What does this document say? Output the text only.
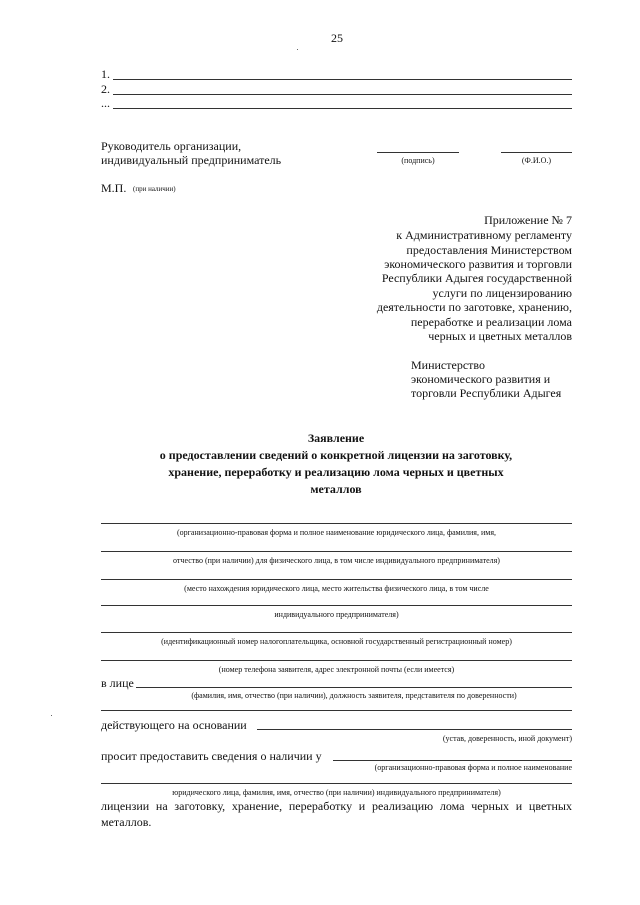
25
1.
2.
...
Руководитель организации,
индивидуальный предприниматель	(подпись)	(Ф.И.О.)
М.П. (при наличии)
Приложение № 7
к Административному регламенту
предоставления Министерством
экономического развития и торговли
Республики Адыгея государственной
услуги по лицензированию
деятельности по заготовке, хранению,
переработке и реализации лома
черных и цветных металлов
Министерство
экономического развития и
торговли Республики Адыгея
Заявление
о предоставлении сведений о конкретной лицензии на заготовку,
хранение, переработку и реализацию лома черных и цветных
металлов
(организационно-правовая форма и полное наименование юридического лица, фамилия, имя,
отчество (при наличии) для физического лица, в том числе индивидуального предпринимателя)
(место нахождения юридического лица, место жительства физического лица, в том числе
индивидуального предпринимателя)
(идентификационный номер налогоплательщика, основной государственный регистрационный номер)
(номер телефона заявителя, адрес электронной почты (если имеется)
в лице
(фамилия, имя, отчество (при наличии), должность заявителя, представителя по доверенности)
действующего на основании
(устав, доверенность, иной документ)
просит предоставить сведения о наличии у
(организационно-правовая форма и полное наименование
юридического лица, фамилия, имя, отчество (при наличии) индивидуального предпринимателя)
лицензии на заготовку, хранение, переработку и реализацию лома черных и цветных
металлов.
